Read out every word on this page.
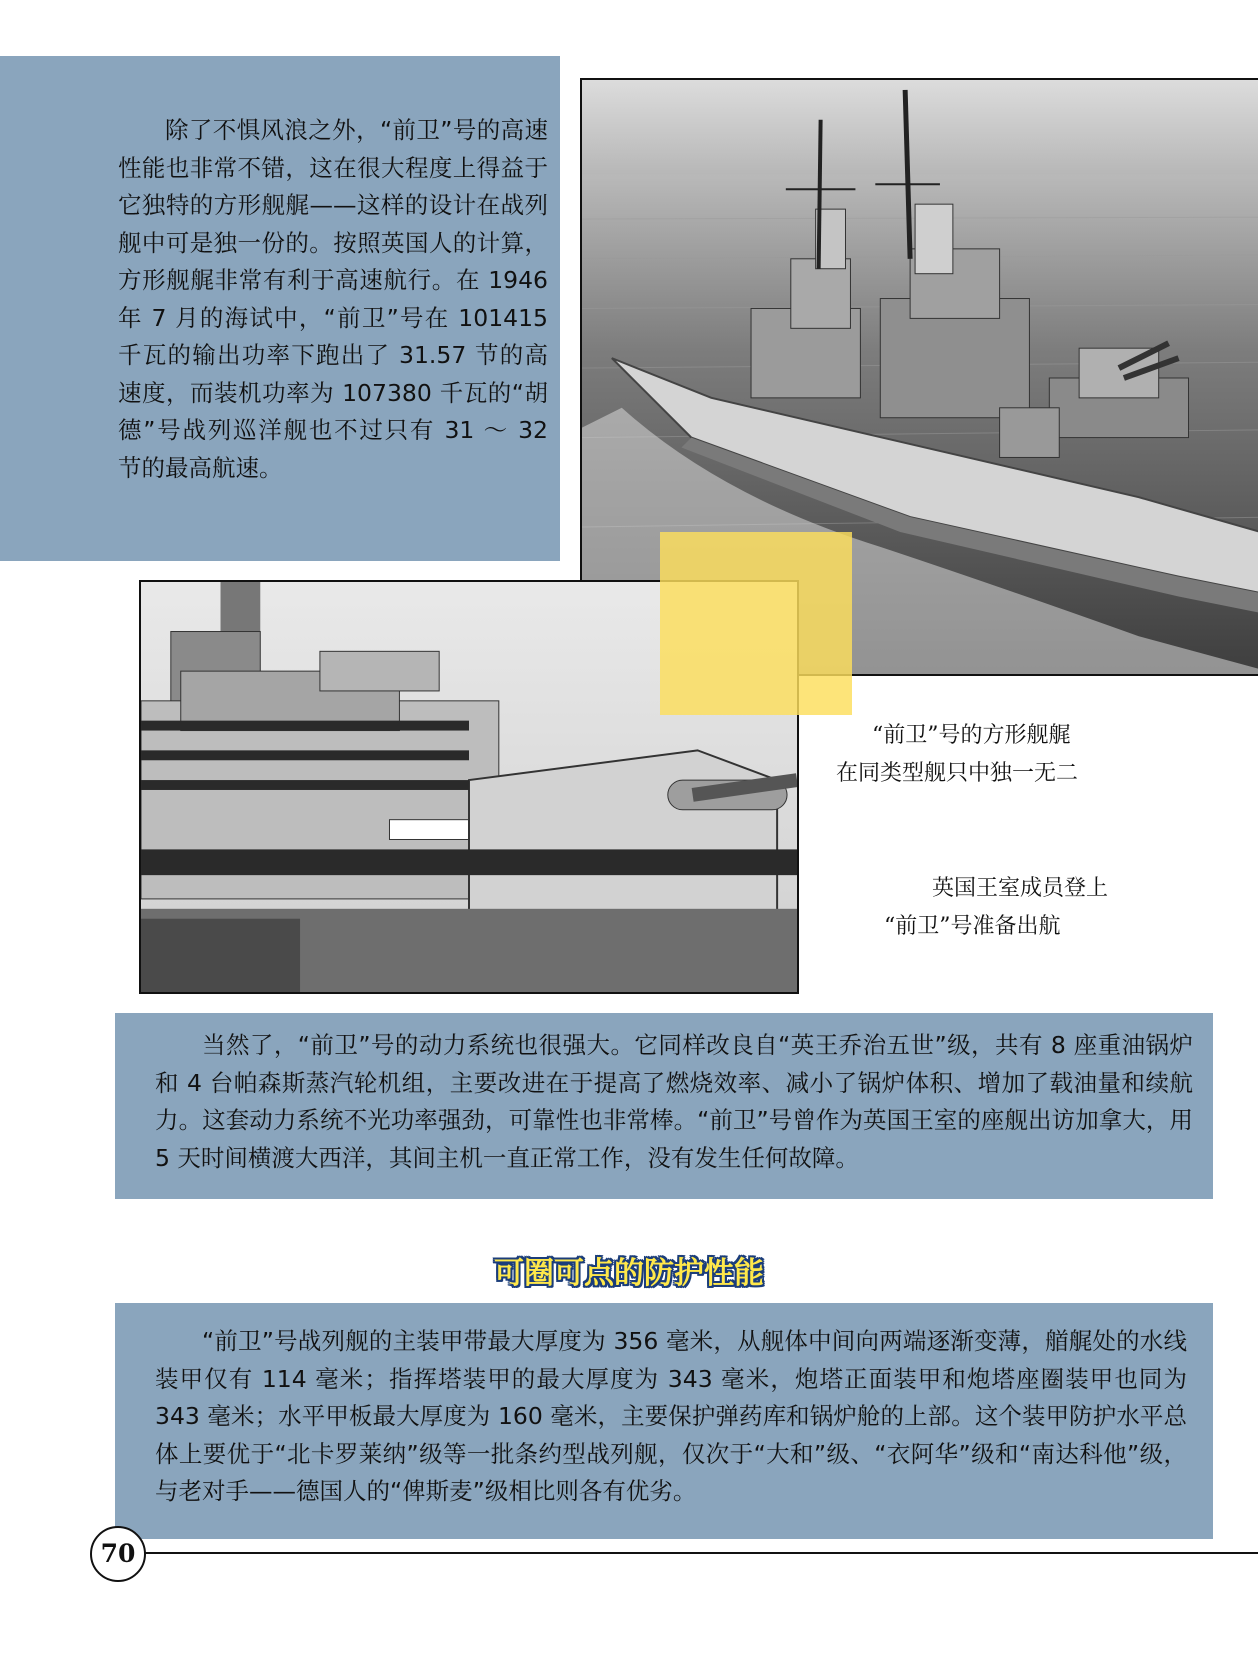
除了不惧风浪之外，“前卫”号的高速性能也非常不错，这在很大程度上得益于它独特的方形舰艉——这样的设计在战列舰中可是独一份的。按照英国人的计算，方形舰艉非常有利于高速航行。在 1946 年 7 月的海试中，“前卫”号在 101415 千瓦的输出功率下跑出了 31.57 节的高速度，而装机功率为 107380 千瓦的“胡德”号战列巡洋舰也不过只有 31 ～ 32 节的最高航速。

“前卫”号的方形舰艉
在同类型舰只中独一无二
英国王室成员登上
“前卫”号准备出航

当然了，“前卫”号的动力系统也很强大。它同样改良自“英王乔治五世”级，共有 8 座重油锅炉和 4 台帕森斯蒸汽轮机组，主要改进在于提高了燃烧效率、减小了锅炉体积、增加了载油量和续航力。这套动力系统不光功率强劲，可靠性也非常棒。“前卫”号曾作为英国王室的座舰出访加拿大，用 5 天时间横渡大西洋，其间主机一直正常工作，没有发生任何故障。

可圈可点的防护性能

“前卫”号战列舰的主装甲带最大厚度为 356 毫米，从舰体中间向两端逐渐变薄，艏艉处的水线装甲仅有 114 毫米；指挥塔装甲的最大厚度为 343 毫米，炮塔正面装甲和炮塔座圈装甲也同为 343 毫米；水平甲板最大厚度为 160 毫米，主要保护弹药库和锅炉舱的上部。这个装甲防护水平总体上要优于“北卡罗莱纳”级等一批条约型战列舰，仅次于“大和”级、“衣阿华”级和“南达科他”级，与老对手——德国人的“俾斯麦”级相比则各有优劣。

70
